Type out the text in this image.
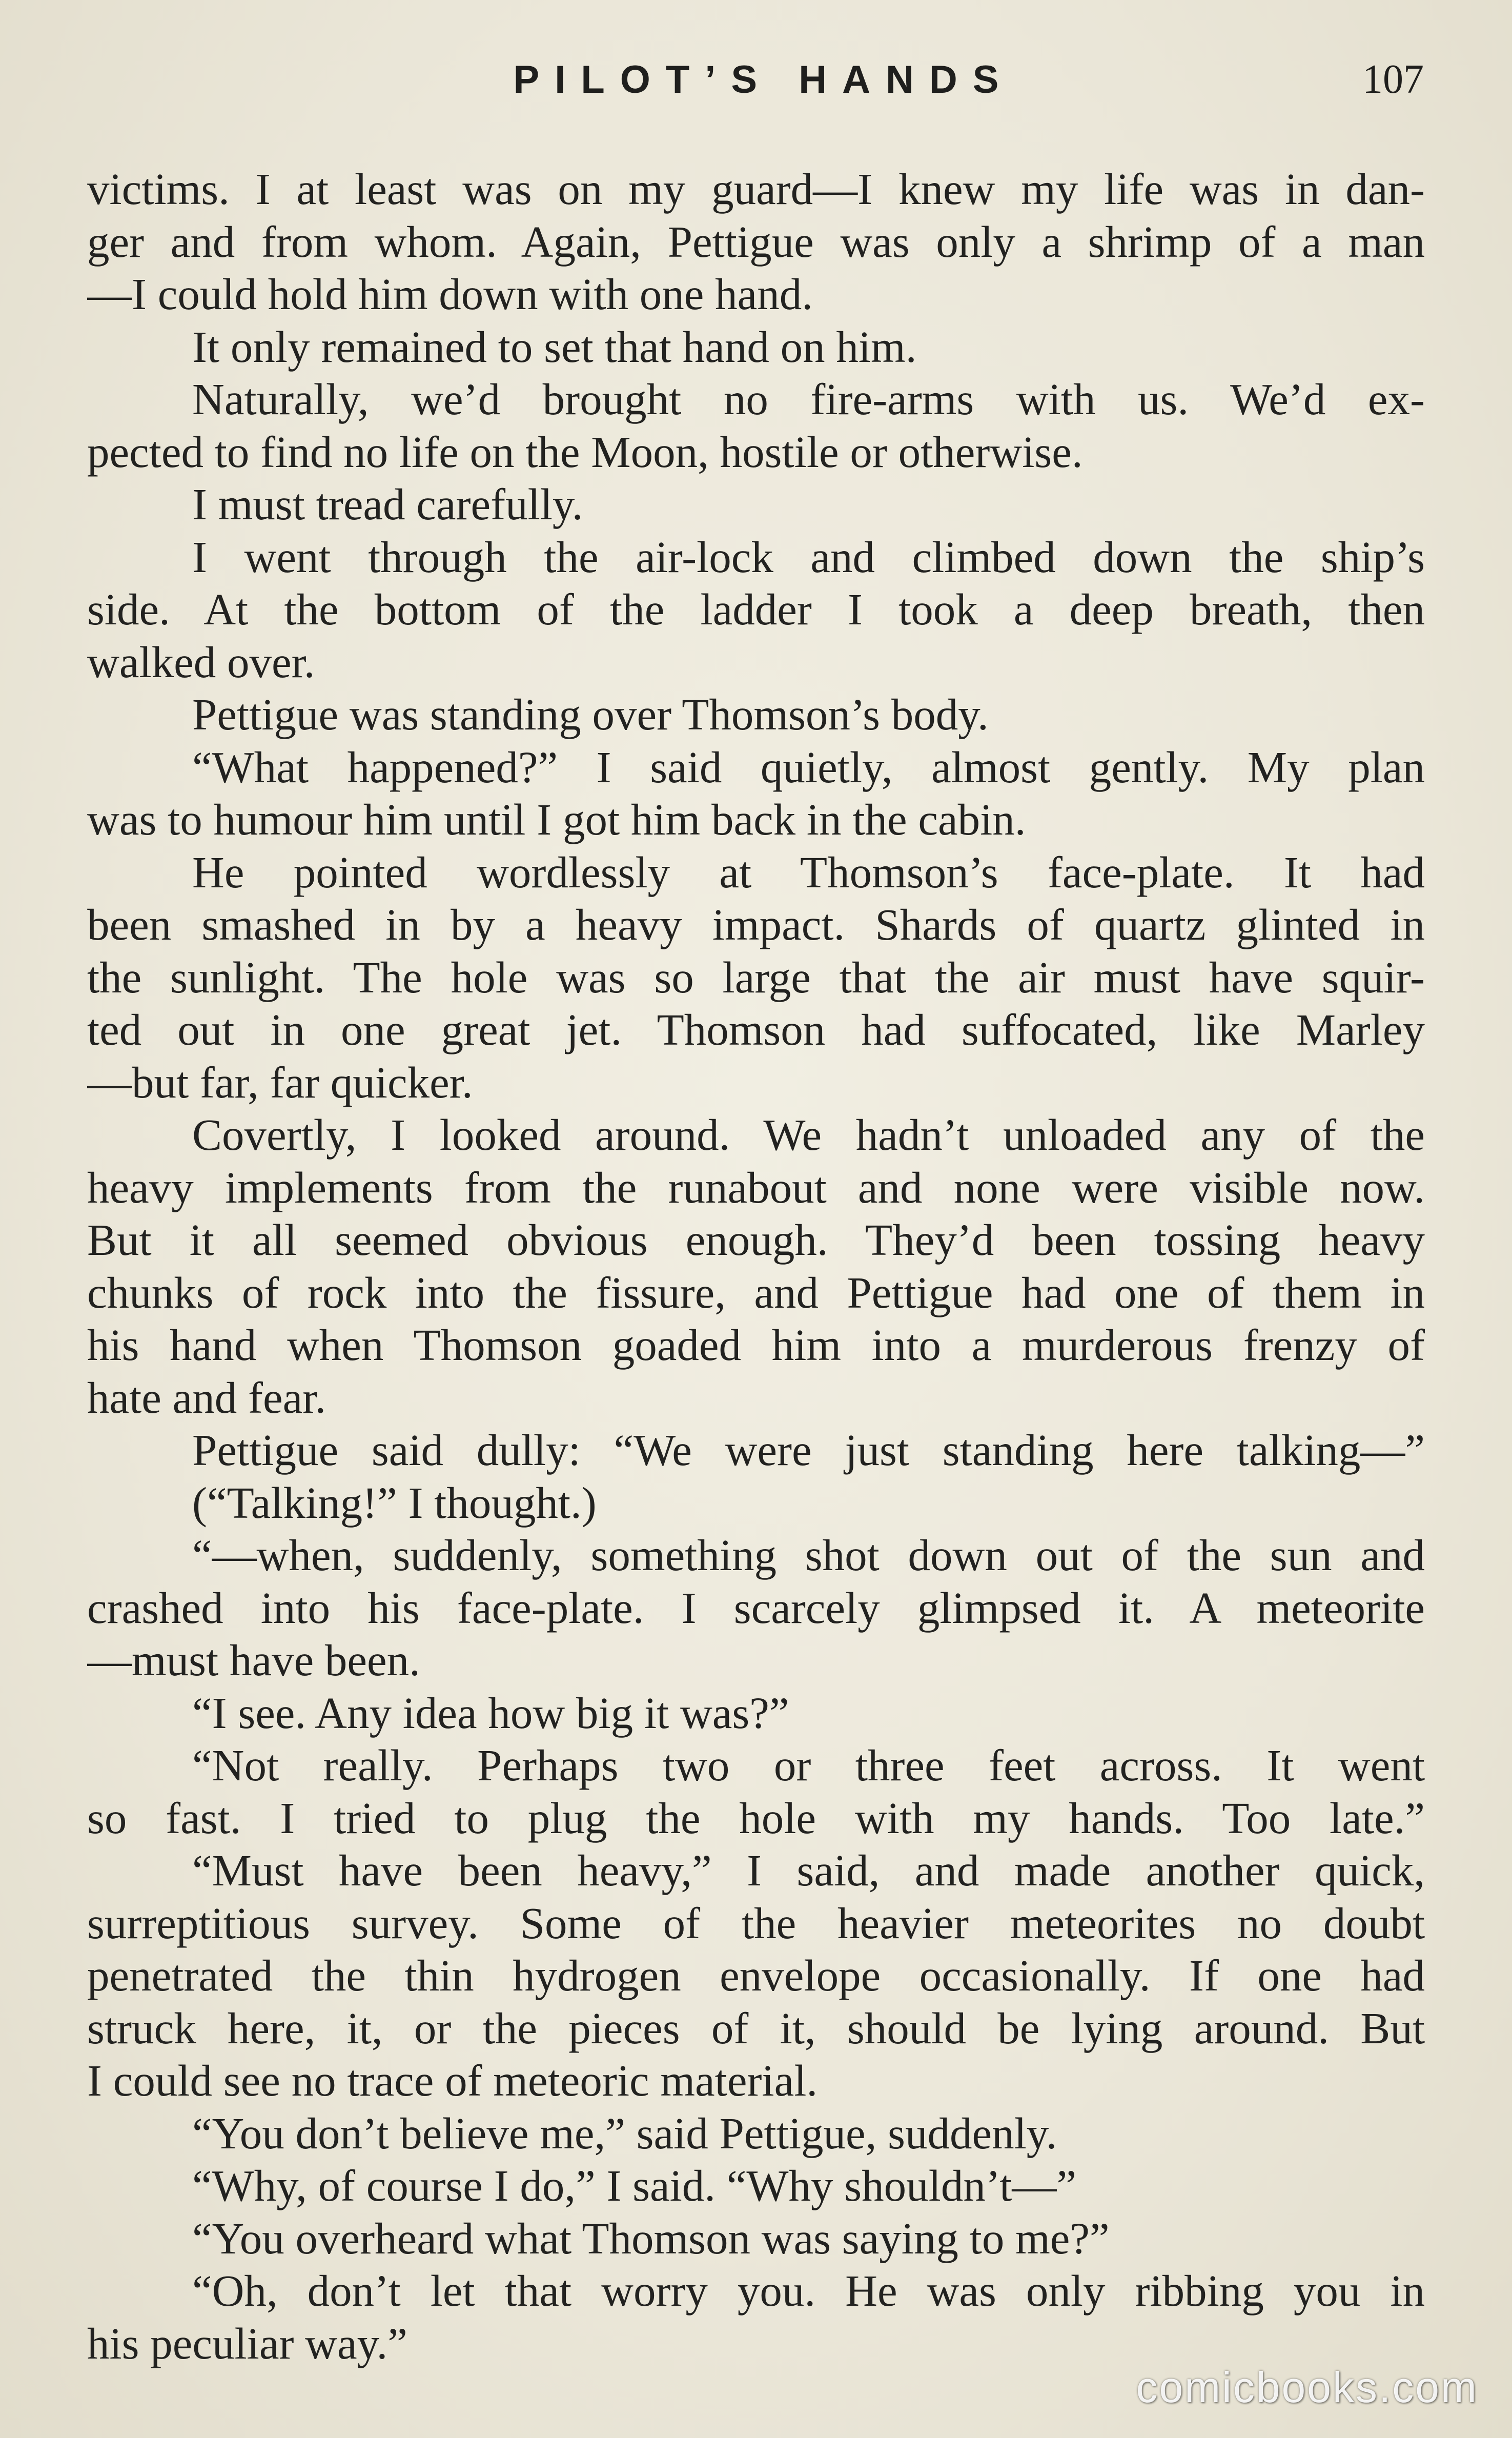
PILOT’S HANDS	107
victims. I at least was on my guard—I knew my life was in dan-
ger and from whom. Again, Pettigue was only a shrimp of a man
—I could hold him down with one hand.
It only remained to set that hand on him.
Naturally, we’d brought no fire-arms with us. We’d ex-
pected to find no life on the Moon, hostile or otherwise.
I must tread carefully.
I went through the air-lock and climbed down the ship’s
side. At the bottom of the ladder I took a deep breath, then
walked over.
Pettigue was standing over Thomson’s body.
“What happened?” I said quietly, almost gently. My plan
was to humour him until I got him back in the cabin.
He pointed wordlessly at Thomson’s face-plate. It had
been smashed in by a heavy impact. Shards of quartz glinted in
the sunlight. The hole was so large that the air must have squir-
ted out in one great jet. Thomson had suffocated, like Marley
—but far, far quicker.
Covertly, I looked around. We hadn’t unloaded any of the
heavy implements from the runabout and none were visible now.
But it all seemed obvious enough. They’d been tossing heavy
chunks of rock into the fissure, and Pettigue had one of them in
his hand when Thomson goaded him into a murderous frenzy of
hate and fear.
Pettigue said dully: “We were just standing here talking—”
(“Talking!” I thought.)
“—when, suddenly, something shot down out of the sun and
crashed into his face-plate. I scarcely glimpsed it. A meteorite
—must have been.
“I see. Any idea how big it was?”
“Not really. Perhaps two or three feet across. It went
so fast. I tried to plug the hole with my hands. Too late.”
“Must have been heavy,” I said, and made another quick,
surreptitious survey. Some of the heavier meteorites no doubt
penetrated the thin hydrogen envelope occasionally. If one had
struck here, it, or the pieces of it, should be lying around. But
I could see no trace of meteoric material.
“You don’t believe me,” said Pettigue, suddenly.
“Why, of course I do,” I said. “Why shouldn’t—”
“You overheard what Thomson was saying to me?”
“Oh, don’t let that worry you. He was only ribbing you in
his peculiar way.”
comicbooks.com
